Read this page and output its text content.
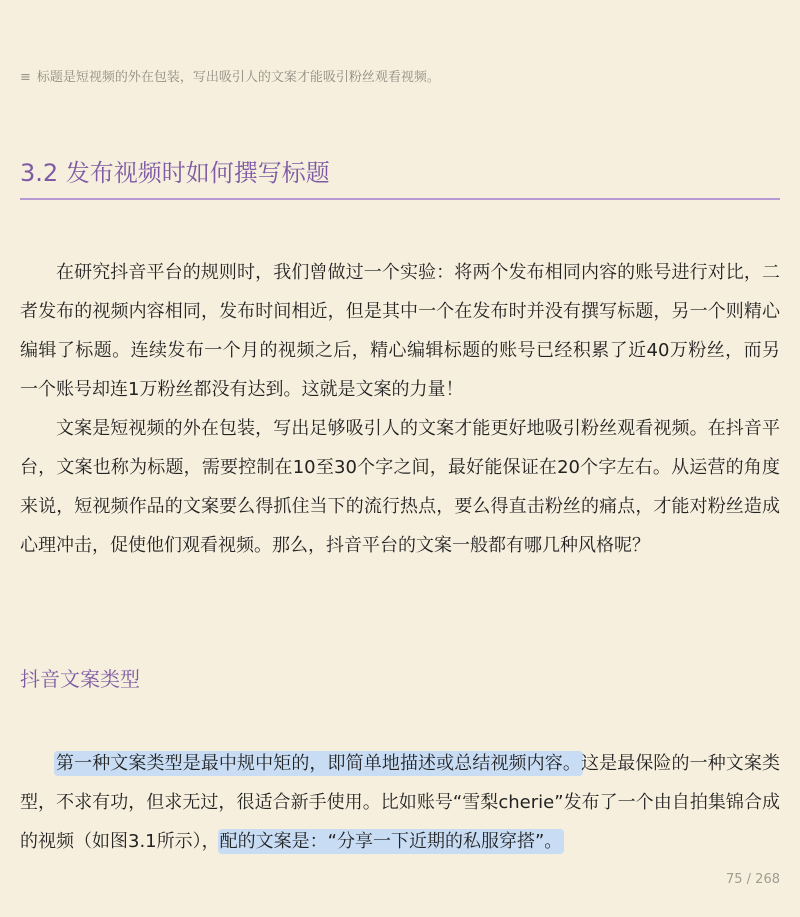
≡ 标题是短视频的外在包装，写出吸引人的文案才能吸引粉丝观看视频。
3.2 发布视频时如何撰写标题

在研究抖音平台的规则时，我们曾做过一个实验：将两个发布相同内容的账号进行对比，二者发布的视频内容相同，发布时间相近，但是其中一个在发布时并没有撰写标题，另一个则精心编辑了标题。连续发布一个月的视频之后，精心编辑标题的账号已经积累了近40万粉丝，而另一个账号却连1万粉丝都没有达到。这就是文案的力量！

文案是短视频的外在包装，写出足够吸引人的文案才能更好地吸引粉丝观看视频。在抖音平台，文案也称为标题，需要控制在10至30个字之间，最好能保证在20个字左右。从运营的角度来说，短视频作品的文案要么得抓住当下的流行热点，要么得直击粉丝的痛点，才能对粉丝造成心理冲击，促使他们观看视频。那么，抖音平台的文案一般都有哪几种风格呢？

抖音文案类型

第一种文案类型是最中规中矩的，即简单地描述或总结视频内容。这是最保险的一种文案类型，不求有功，但求无过，很适合新手使用。比如账号“雪梨cherie”发布了一个由自拍集锦合成的视频（如图3.1所示），配的文案是：“分享一下近期的私服穿搭”。

75 / 268
